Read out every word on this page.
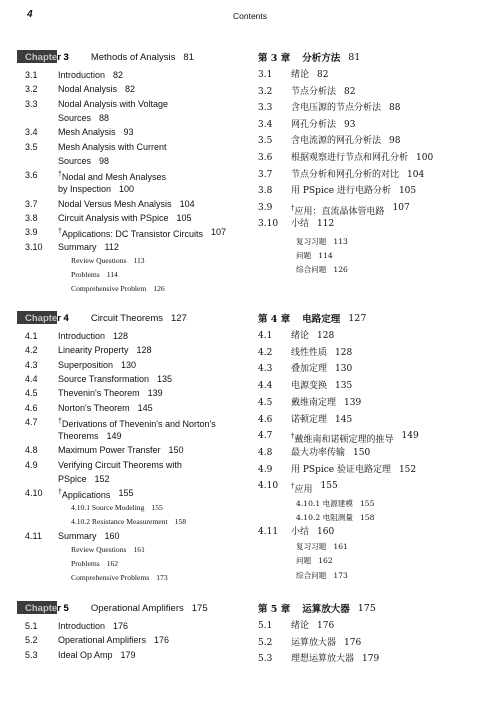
4	Contents
Chapter 3 Methods of Analysis 81
3.1	Introduction 82
3.2	Nodal Analysis 82
3.3	Nodal Analysis with Voltage
Sources 88
3.4	Mesh Analysis 93
3.5	Mesh Analysis with Current
Sources 98
3.6	†Nodal and Mesh Analyses
by Inspection 100
3.7	Nodal Versus Mesh Analysis 104
3.8	Circuit Analysis with PSpice 105
3.9	†Applications: DC Transistor Circuits 107
3.10	Summary 112
Review Questions 113
Problems 114
Comprehensive Problem 126
Chapter 4 Circuit Theorems 127
4.1	Introduction 128
4.2	Linearity Property 128
4.3	Superposition 130
4.4	Source Transformation 135
4.5	Thevenin's Theorem 139
4.6	Norton's Theorem 145
4.7	†Derivations of Thevenin's and Norton's
Theorems 149
4.8	Maximum Power Transfer 150
4.9	Verifying Circuit Theorems with
PSpice 152
4.10	†Applications 155
4.10.1 Source Modeling 155
4.10.2 Resistance Measurement 158
4.11	Summary 160
Review Questions 161
Problems 162
Comprehensive Problems 173
Chapter 5 Operational Amplifiers 175
5.1	Introduction 176
5.2	Operational Amplifiers 176
5.3	Ideal Op Amp 179
第 3 章 分析方法 81
3.1	绪论 82
3.2	节点分析法 82
3.3	含电压源的节点分析法 88
3.4	网孔分析法 93
3.5	含电流源的网孔分析法 98
3.6	根据观察进行节点和网孔分析 100
3.7	节点分析和网孔分析的对比 104
3.8	用 PSpice 进行电路分析 105
3.9	†应用：直流晶体管电路 107
3.10	小结 112
复习习题 113
问题 114
综合问题 126
第 4 章 电路定理 127
4.1	绪论 128
4.2	线性性质 128
4.3	叠加定理 130
4.4	电源变换 135
4.5	戴维南定理 139
4.6	诺顿定理 145
4.7	†戴维南和诺顿定理的推导 149
4.8	最大功率传输 150
4.9	用 PSpice 验证电路定理 152
4.10	†应用 155
4.10.1 电源建模 155
4.10.2 电阻测量 158
4.11	小结 160
复习习题 161
问题 162
综合问题 173
第 5 章 运算放大器 175
5.1	绪论 176
5.2	运算放大器 176
5.3	理想运算放大器 179
